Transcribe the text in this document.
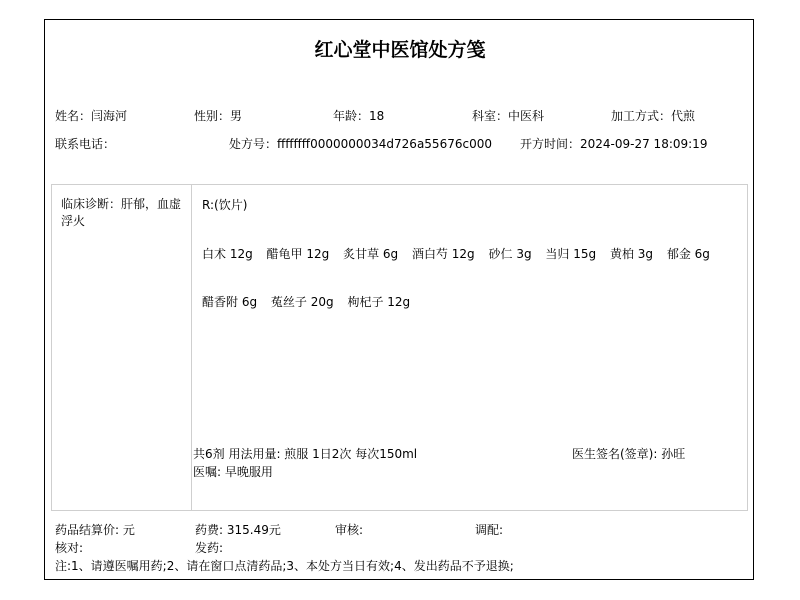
红心堂中医馆处方笺
姓名：闫海河	性别：男	年龄：18	科室：中医科	加工方式：代煎
联系电话：	处方号：ffffffff0000000034d726a55676c000 开方时间：2024-09-27 18:09:19
临床诊断：肝郁，血虚浮火
R:(饮片)
白术 12g 醋龟甲 12g 炙甘草 6g 酒白芍 12g 砂仁 3g 当归 15g 黄柏 3g 郁金 6g
醋香附 6g 菟丝子 20g 枸杞子 12g
共6剂 用法用量: 煎服 1日2次 每次150ml	医生签名(签章): 孙旺
医嘱: 早晚服用
药品结算价: 元	药费: 315.49元	审核:	调配:
核对:	发药:
注:1、请遵医嘱用药;2、请在窗口点清药品;3、本处方当日有效;4、发出药品不予退换;
